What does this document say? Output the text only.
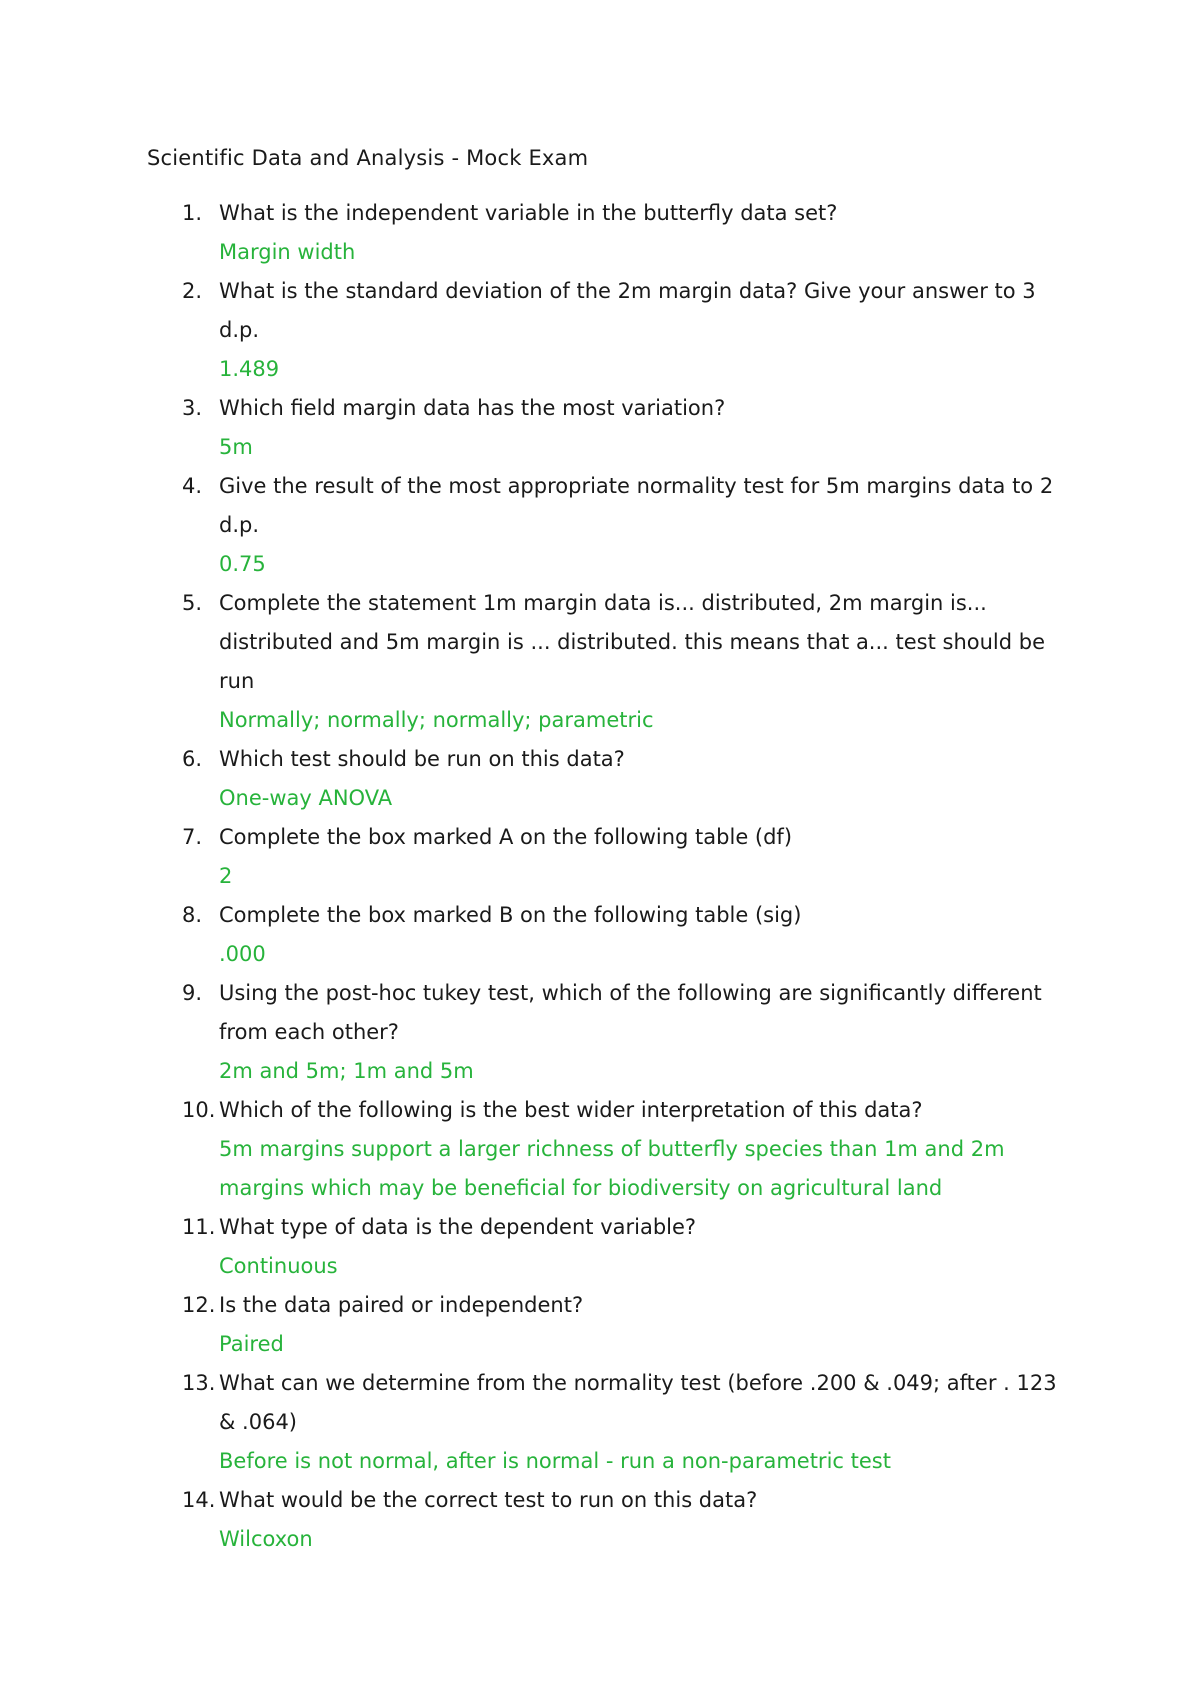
Scientific Data and Analysis - Mock Exam
1. What is the independent variable in the butterfly data set?
Margin width
2. What is the standard deviation of the 2m margin data? Give your answer to 3 d.p.
1.489
3. Which field margin data has the most variation?
5m
4. Give the result of the most appropriate normality test for 5m margins data to 2 d.p.
0.75
5. Complete the statement 1m margin data is... distributed, 2m margin is... distributed and 5m margin is ... distributed. this means that a... test should be run
Normally; normally; normally; parametric
6. Which test should be run on this data?
One-way ANOVA
7. Complete the box marked A on the following table (df)
2
8. Complete the box marked B on the following table (sig)
.000
9. Using the post-hoc tukey test, which of the following are significantly different from each other?
2m and 5m; 1m and 5m
10. Which of the following is the best wider interpretation of this data?
5m margins support a larger richness of butterfly species than 1m and 2m margins which may be beneficial for biodiversity on agricultural land
11. What type of data is the dependent variable?
Continuous
12. Is the data paired or independent?
Paired
13. What can we determine from the normality test (before .200 & .049; after . 123 & .064)
Before is not normal, after is normal - run a non-parametric test
14. What would be the correct test to run on this data?
Wilcoxon
